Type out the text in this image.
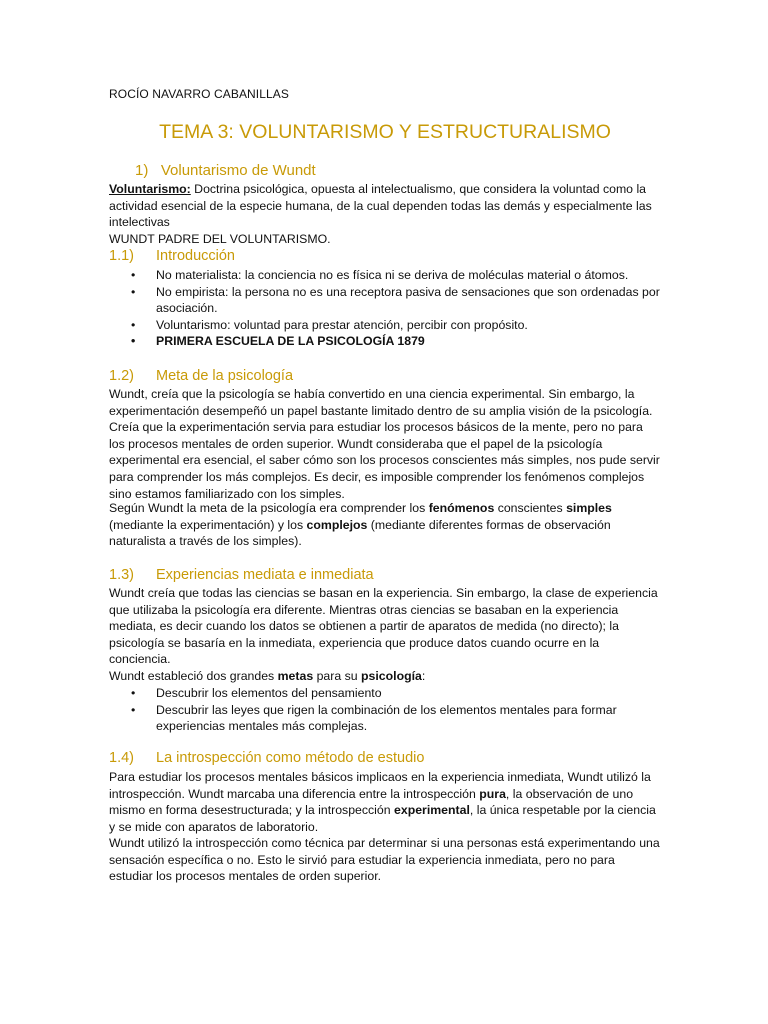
ROCÍO NAVARRO CABANILLAS
TEMA 3: VOLUNTARISMO Y ESTRUCTURALISMO
1) Voluntarismo de Wundt
Voluntarismo: Doctrina psicológica, opuesta al intelectualismo, que considera la voluntad como la actividad esencial de la especie humana, de la cual dependen todas las demás y especialmente las intelectivas
WUNDT PADRE DEL VOLUNTARISMO.
1.1) Introducción
• No materialista: la conciencia no es física ni se deriva de moléculas material o átomos.
• No empirista: la persona no es una receptora pasiva de sensaciones que son ordenadas por asociación.
• Voluntarismo: voluntad para prestar atención, percibir con propósito.
• PRIMERA ESCUELA DE LA PSICOLOGÍA 1879
1.2) Meta de la psicología
Wundt, creía que la psicología se había convertido en una ciencia experimental. Sin embargo, la experimentación desempeñó un papel bastante limitado dentro de su amplia visión de la psicología. Creía que la experimentación servia para estudiar los procesos básicos de la mente, pero no para los procesos mentales de orden superior. Wundt consideraba que el papel de la psicología experimental era esencial, el saber cómo son los procesos conscientes más simples, nos pude servir para comprender los más complejos. Es decir, es imposible comprender los fenómenos complejos sino estamos familiarizado con los simples.
Según Wundt la meta de la psicología era comprender los fenómenos conscientes simples (mediante la experimentación) y los complejos (mediante diferentes formas de observación naturalista a través de los simples).
1.3) Experiencias mediata e inmediata
Wundt creía que todas las ciencias se basan en la experiencia. Sin embargo, la clase de experiencia que utilizaba la psicología era diferente. Mientras otras ciencias se basaban en la experiencia mediata, es decir cuando los datos se obtienen a partir de aparatos de medida (no directo); la psicología se basaría en la inmediata, experiencia que produce datos cuando ocurre en la conciencia.
Wundt estableció dos grandes metas para su psicología:
• Descubrir los elementos del pensamiento
• Descubrir las leyes que rigen la combinación de los elementos mentales para formar experiencias mentales más complejas.
1.4) La introspección como método de estudio
Para estudiar los procesos mentales básicos implicaos en la experiencia inmediata, Wundt utilizó la introspección. Wundt marcaba una diferencia entre la introspección pura, la observación de uno mismo en forma desestructurada; y la introspección experimental, la única respetable por la ciencia y se mide con aparatos de laboratorio.
Wundt utilizó la introspección como técnica par determinar si una personas está experimentando una sensación específica o no. Esto le sirvió para estudiar la experiencia inmediata, pero no para estudiar los procesos mentales de orden superior.
